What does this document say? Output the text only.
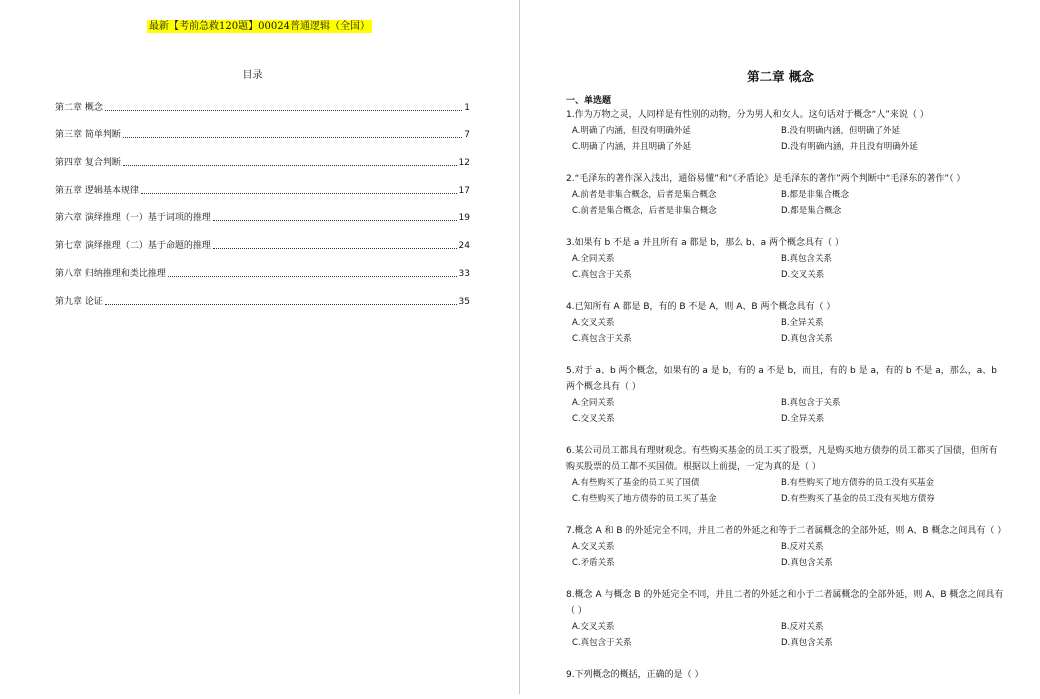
最新【考前急救120题】00024普通逻辑（全国）
目录
第二章 概念	1
第三章 简单判断	7
第四章 复合判断	12
第五章 逻辑基本规律	17
第六章 演绎推理（一）基于词项的推理	19
第七章 演绎推理（二）基于命题的推理	24
第八章 归纳推理和类比推理	33
第九章 论证	35
第二章 概念
一、单选题
1.作为万物之灵，人同样是有性别的动物，分为男人和女人。这句话对于概念“人”来说（ ）
A.明确了内涵，但没有明确外延	B.没有明确内涵，但明确了外延
C.明确了内涵，并且明确了外延	D.没有明确内涵，并且没有明确外延
2.“毛泽东的著作深入浅出，通俗易懂”和“《矛盾论》是毛泽东的著作”两个判断中“毛泽东的著作”（ ）
A.前者是非集合概念，后者是集合概念	B.都是非集合概念
C.前者是集合概念，后者是非集合概念	D.都是集合概念
3.如果有 b 不是 a 并且所有 a 都是 b，那么 b、a 两个概念具有（ ）
A.全同关系	B.真包含关系
C.真包含于关系	D.交叉关系
4.已知所有 A 都是 B，有的 B 不是 A，则 A、B 两个概念具有（ ）
A.交叉关系	B.全异关系
C.真包含于关系	D.真包含关系
5.对于 a、b 两个概念，如果有的 a 是 b，有的 a 不是 b，而且，有的 b 是 a，有的 b 不是 a，那么，a、b 两个概念具有（ ）
A.全同关系	B.真包含于关系
C.交叉关系	D.全异关系
6.某公司员工都具有理财观念。有些购买基金的员工买了股票，凡是购买地方债券的员工都买了国债，但所有购买股票的员工都不买国债。根据以上前提，一定为真的是（ ）
A.有些购买了基金的员工买了国债	B.有些购买了地方债券的员工没有买基金
C.有些购买了地方债券的员工买了基金	D.有些购买了基金的员工没有买地方债券
7.概念 A 和 B 的外延完全不同，并且二者的外延之和等于二者属概念的全部外延，则 A、B 概念之间具有（ ）
A.交叉关系	B.反对关系
C.矛盾关系	D.真包含关系
8.概念 A 与概念 B 的外延完全不同，并且二者的外延之和小于二者属概念的全部外延，则 A、B 概念之间具有（ ）
A.交叉关系	B.反对关系
C.真包含于关系	D.真包含关系
9.下列概念的概括，正确的是（ ）
